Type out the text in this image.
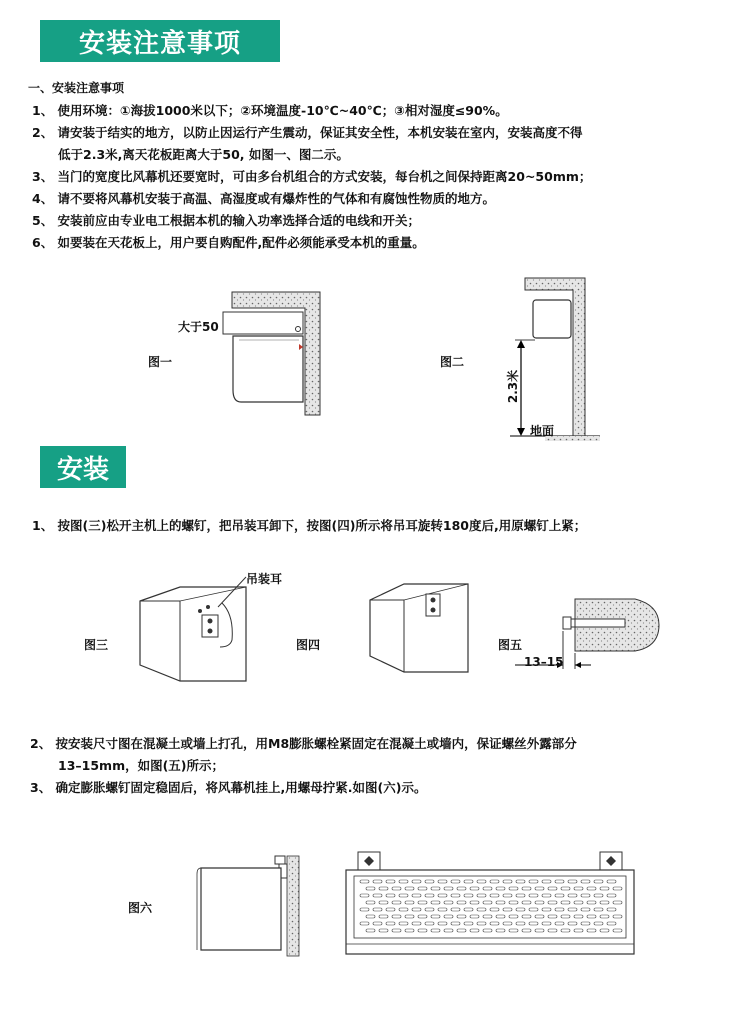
安装注意事项
一、安装注意事项
1、 使用环境：①海拔1000米以下；②环境温度-10℃~40℃；③相对湿度≤90%。
2、 请安装于结实的地方，以防止因运行产生震动，保证其安全性，本机安装在室内，安装高度不得
低于2.3米,离天花板距离大于50, 如图一、图二示。
3、 当门的宽度比风幕机还要宽时，可由多台机组合的方式安装，每台机之间保持距离20~50mm；
4、 请不要将风幕机安装于高温、高湿度或有爆炸性的气体和有腐蚀性物质的地方。
5、 安装前应由专业电工根据本机的输入功率选择合适的电线和开关；
6、 如要装在天花板上，用户要自购配件,配件必须能承受本机的重量。
大于50
图一	图二
2.3米
地面
安装
1、 按图(三)松开主机上的螺钉，把吊装耳卸下，按图(四)所示将吊耳旋转180度后,用原螺钉上紧；
吊装耳
图三	图四	图五
13–15
2、 按安装尺寸图在混凝土或墙上打孔，用M8膨胀螺栓紧固定在混凝土或墙内，保证螺丝外露部分
13–15mm，如图(五)所示；
3、 确定膨胀螺钉固定稳固后，将风幕机挂上,用螺母拧紧.如图(六)示。
图六
